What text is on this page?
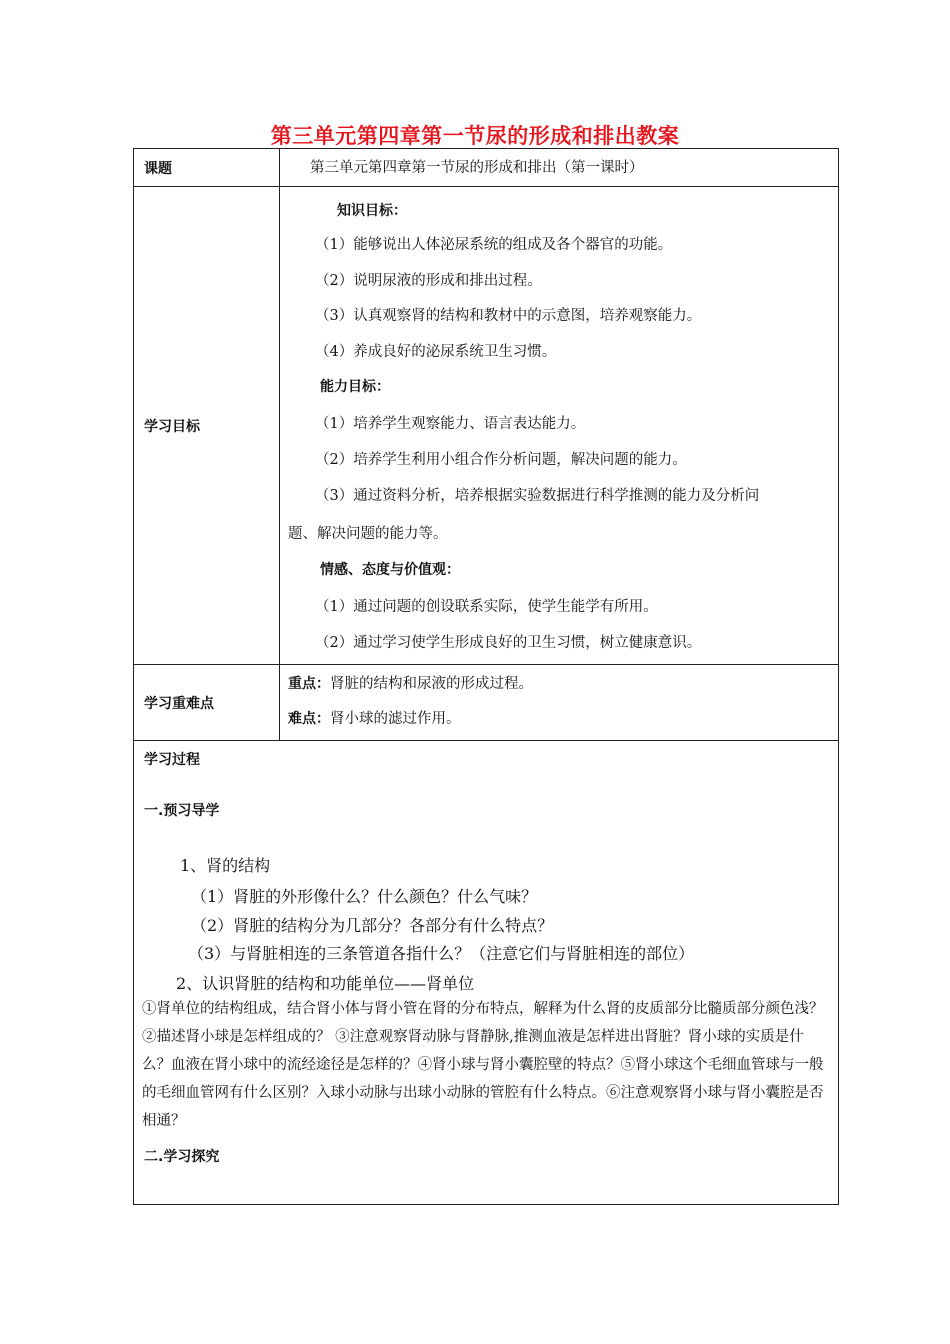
第三单元第四章第一节尿的形成和排出教案
课题	第三单元第四章第一节尿的形成和排出（第一课时）
学习目标
知识目标：
（1）能够说出人体泌尿系统的组成及各个器官的功能。
（2）说明尿液的形成和排出过程。
（3）认真观察肾的结构和教材中的示意图，培养观察能力。
（4）养成良好的泌尿系统卫生习惯。
能力目标：
（1）培养学生观察能力、语言表达能力。
（2）培养学生利用小组合作分析问题，解决问题的能力。
（3）通过资料分析，培养根据实验数据进行科学推测的能力及分析问
题、解决问题的能力等。
情感、态度与价值观：
（1）通过问题的创设联系实际，使学生能学有所用。
（2）通过学习使学生形成良好的卫生习惯，树立健康意识。
学习重难点
重点：肾脏的结构和尿液的形成过程。
难点：肾小球的滤过作用。
学习过程
一.预习导学
1、肾的结构
（1）肾脏的外形像什么？什么颜色？什么气味？
（2）肾脏的结构分为几部分？各部分有什么特点？
（3）与肾脏相连的三条管道各指什么？（注意它们与肾脏相连的部位）
2、认识肾脏的结构和功能单位——肾单位
①肾单位的结构组成，结合肾小体与肾小管在肾的分布特点，解释为什么肾的皮质部分比髓质部分颜色浅？ ②描述肾小球是怎样组成的？ ③注意观察肾动脉与肾静脉,推测血液是怎样进出肾脏？肾小球的实质是什么？血液在肾小球中的流经途径是怎样的？④肾小球与肾小囊腔壁的特点？⑤肾小球这个毛细血管球与一般的毛细血管网有什么区别？入球小动脉与出球小动脉的管腔有什么特点。⑥注意观察肾小球与肾小囊腔是否相通？
二.学习探究
